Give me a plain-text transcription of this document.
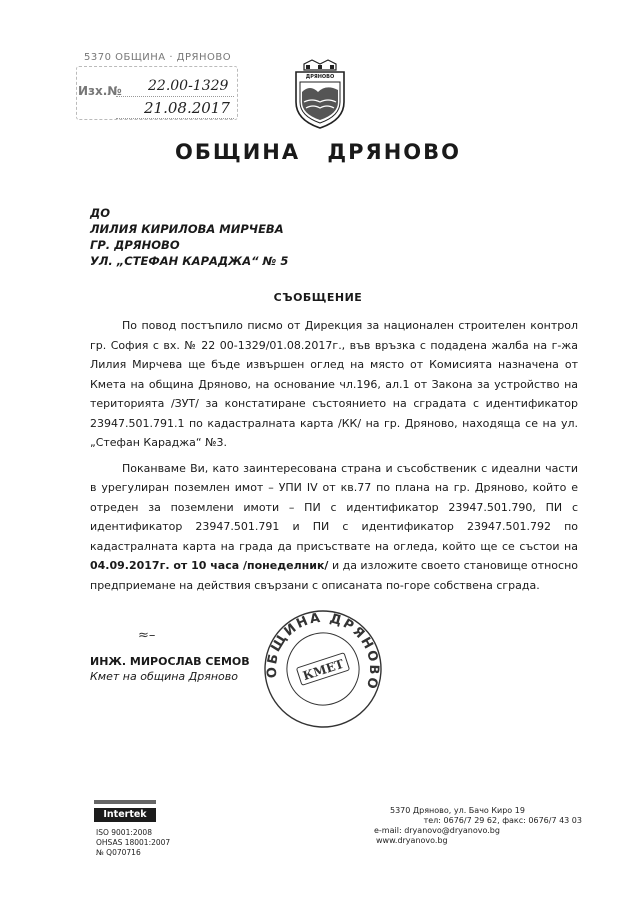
5370 ОБЩИНА · ДРЯНОВО
Изх.№ 22.00-1329
21.08.2017
ДРЯНОВО
ОБЩИНА ДРЯНОВО
ДО
ЛИЛИЯ КИРИЛОВА МИРЧЕВА
ГР. ДРЯНОВО
УЛ. „СТЕФАН КАРАДЖА“ № 5
СЪОБЩЕНИЕ

По повод постъпило писмо от Дирекция за национален строителен контрол гр. София с вх. № 22 00-1329/01.08.2017г., във връзка с подадена жалба на г-жа Лилия Мирчева ще бъде извършен оглед на място от Комисията назначена от Кмета на община Дряново, на основание чл.196, ал.1 от Закона за устройство на територията /ЗУТ/ за констатиране състоянието на сградата с идентификатор 23947.501.791.1 по кадастралната карта /КК/ на гр. Дряново, находяща се на ул. „Стефан Караджа“ №3.

Поканваме Ви, като заинтересована страна и съсобственик с идеални части в урегулиран поземлен имот – УПИ IV от кв.77 по плана на гр. Дряново, който е отреден за поземлени имоти – ПИ с идентификатор 23947.501.790, ПИ с идентификатор 23947.501.791 и ПИ с идентификатор 23947.501.792 по кадастралната карта на града да присъствате на огледа, който ще се състои на 04.09.2017г. от 10 часа /понеделник/ и да изложите своето становище относно предприемане на действия свързани с описаната по-горе собствена сграда.

≈–
ИНЖ. МИРОСЛАВ СЕМОВ
Кмет на община Дряново	ОБЩИНА ДРЯНОВО
КМЕТ
Intertek
ISO 9001:2008
OHSAS 18001:2007
№ Q070716
5370 Дряново, ул. Бачо Киро 19
тел: 0676/7 29 62, факс: 0676/7 43 03
e-mail: dryanovo@dryanovo.bg
www.dryanovo.bg
